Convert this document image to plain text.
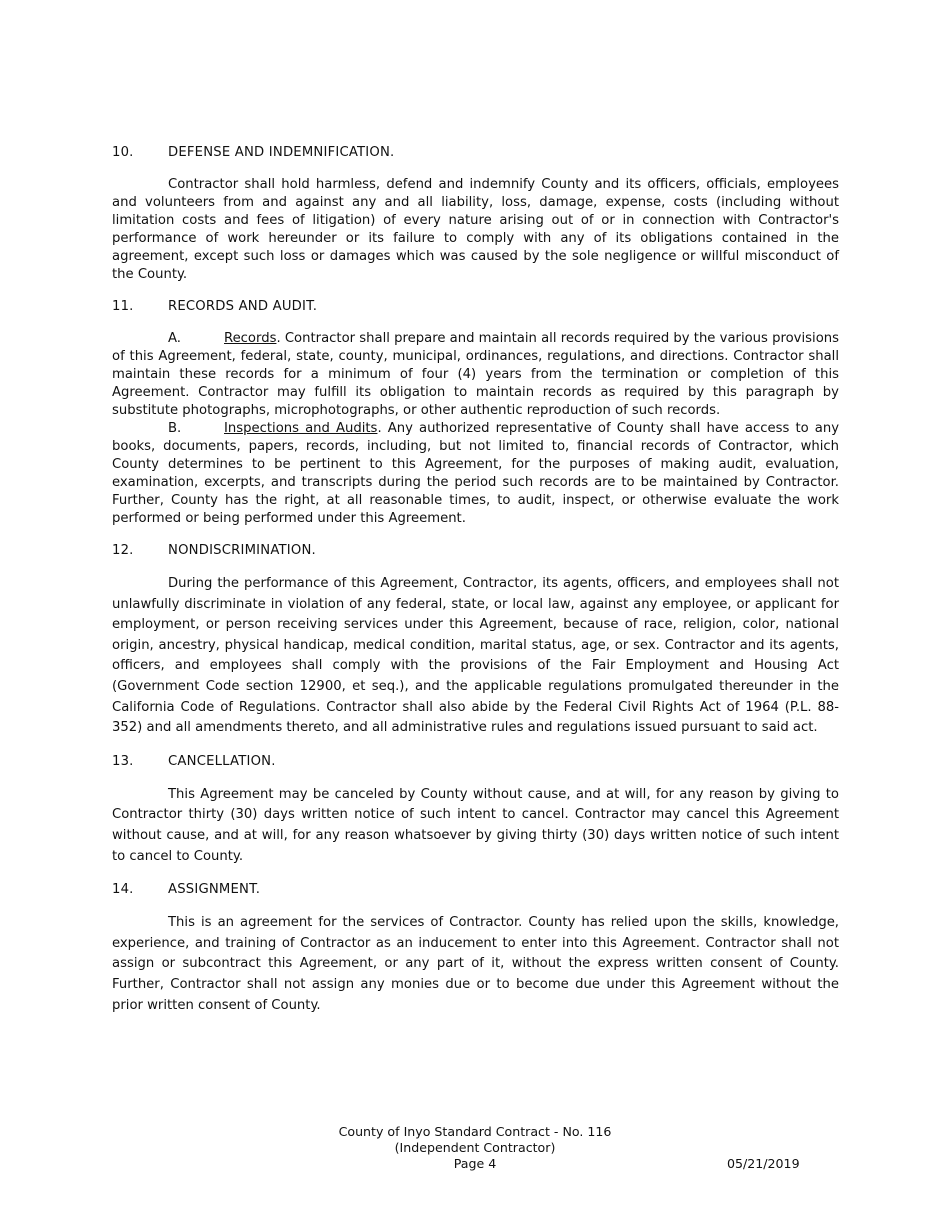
10.	DEFENSE AND INDEMNIFICATION.

Contractor shall hold harmless, defend and indemnify County and its officers, officials, employees and volunteers from and against any and all liability, loss, damage, expense, costs (including without limitation costs and fees of litigation) of every nature arising out of or in connection with Contractor's performance of work hereunder or its failure to comply with any of its obligations contained in the agreement, except such loss or damages which was caused by the sole negligence or willful misconduct of the County.

11.	RECORDS AND AUDIT.

A.	Records. Contractor shall prepare and maintain all records required by the various provisions of this Agreement, federal, state, county, municipal, ordinances, regulations, and directions. Contractor shall maintain these records for a minimum of four (4) years from the termination or completion of this Agreement. Contractor may fulfill its obligation to maintain records as required by this paragraph by substitute photographs, microphotographs, or other authentic reproduction of such records.

B.	Inspections and Audits. Any authorized representative of County shall have access to any books, documents, papers, records, including, but not limited to, financial records of Contractor, which County determines to be pertinent to this Agreement, for the purposes of making audit, evaluation, examination, excerpts, and transcripts during the period such records are to be maintained by Contractor. Further, County has the right, at all reasonable times, to audit, inspect, or otherwise evaluate the work performed or being performed under this Agreement.

12.	NONDISCRIMINATION.

During the performance of this Agreement, Contractor, its agents, officers, and employees shall not unlawfully discriminate in violation of any federal, state, or local law, against any employee, or applicant for employment, or person receiving services under this Agreement, because of race, religion, color, national origin, ancestry, physical handicap, medical condition, marital status, age, or sex. Contractor and its agents, officers, and employees shall comply with the provisions of the Fair Employment and Housing Act (Government Code section 12900, et seq.), and the applicable regulations promulgated thereunder in the California Code of Regulations. Contractor shall also abide by the Federal Civil Rights Act of 1964 (P.L. 88-352) and all amendments thereto, and all administrative rules and regulations issued pursuant to said act.

13.	CANCELLATION.

This Agreement may be canceled by County without cause, and at will, for any reason by giving to Contractor thirty (30) days written notice of such intent to cancel. Contractor may cancel this Agreement without cause, and at will, for any reason whatsoever by giving thirty (30) days written notice of such intent to cancel to County.

14.	ASSIGNMENT.

This is an agreement for the services of Contractor. County has relied upon the skills, knowledge, experience, and training of Contractor as an inducement to enter into this Agreement. Contractor shall not assign or subcontract this Agreement, or any part of it, without the express written consent of County. Further, Contractor shall not assign any monies due or to become due under this Agreement without the prior written consent of County.

County of Inyo Standard Contract - No. 116
(Independent Contractor)
Page 4	05/21/2019
